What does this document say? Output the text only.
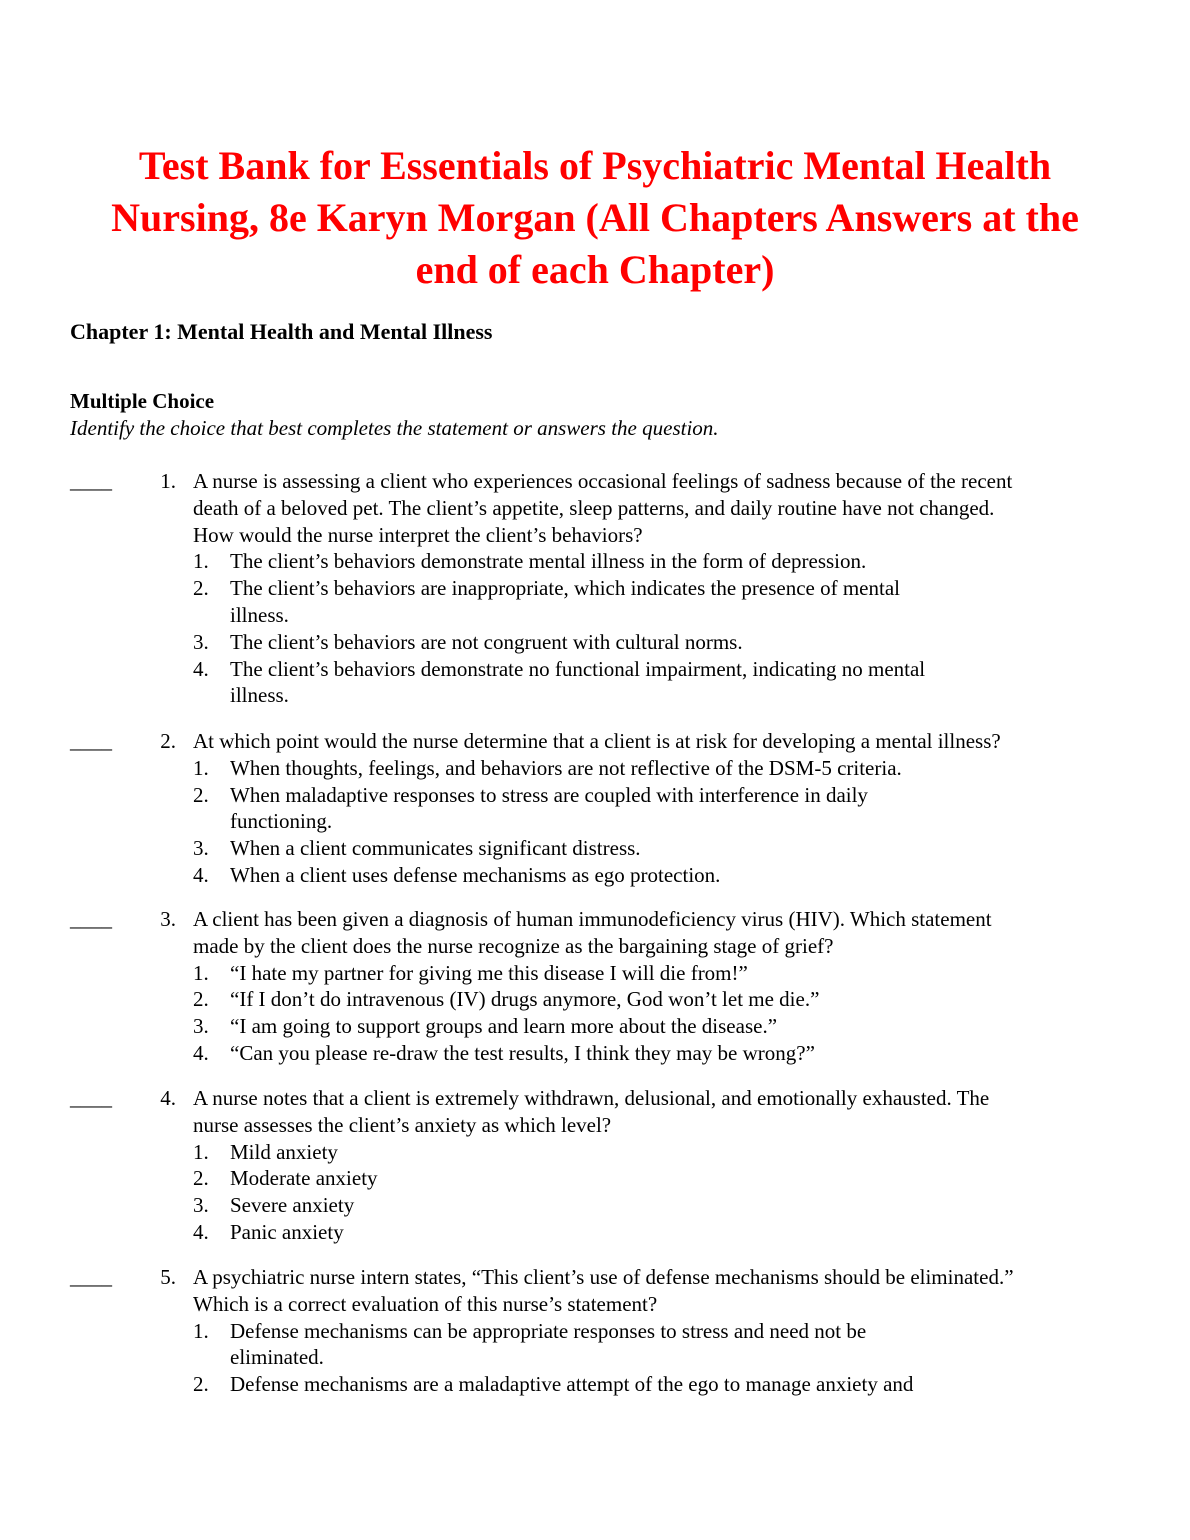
Test Bank for Essentials of Psychiatric Mental Health
Nursing, 8e Karyn Morgan (All Chapters Answers at the
end of each Chapter)
Chapter 1: Mental Health and Mental Illness
Multiple Choice
Identify the choice that best completes the statement or answers the question.
____	1. A nurse is assessing a client who experiences occasional feelings of sadness because of the recent
death of a beloved pet. The client’s appetite, sleep patterns, and daily routine have not changed.
How would the nurse interpret the client’s behaviors?
1. The client’s behaviors demonstrate mental illness in the form of depression.
2. The client’s behaviors are inappropriate, which indicates the presence of mental
illness.
3. The client’s behaviors are not congruent with cultural norms.
4. The client’s behaviors demonstrate no functional impairment, indicating no mental
illness.
____	2. At which point would the nurse determine that a client is at risk for developing a mental illness?
1. When thoughts, feelings, and behaviors are not reflective of the DSM-5 criteria.
2. When maladaptive responses to stress are coupled with interference in daily
functioning.
3. When a client communicates significant distress.
4. When a client uses defense mechanisms as ego protection.
____	3. A client has been given a diagnosis of human immunodeficiency virus (HIV). Which statement
made by the client does the nurse recognize as the bargaining stage of grief?
1. “I hate my partner for giving me this disease I will die from!”
2. “If I don’t do intravenous (IV) drugs anymore, God won’t let me die.”
3. “I am going to support groups and learn more about the disease.”
4. “Can you please re-draw the test results, I think they may be wrong?”
____	4. A nurse notes that a client is extremely withdrawn, delusional, and emotionally exhausted. The
nurse assesses the client’s anxiety as which level?
1. Mild anxiety
2. Moderate anxiety
3. Severe anxiety
4. Panic anxiety
____	5. A psychiatric nurse intern states, “This client’s use of defense mechanisms should be eliminated.”
Which is a correct evaluation of this nurse’s statement?
1. Defense mechanisms can be appropriate responses to stress and need not be
eliminated.
2. Defense mechanisms are a maladaptive attempt of the ego to manage anxiety and
